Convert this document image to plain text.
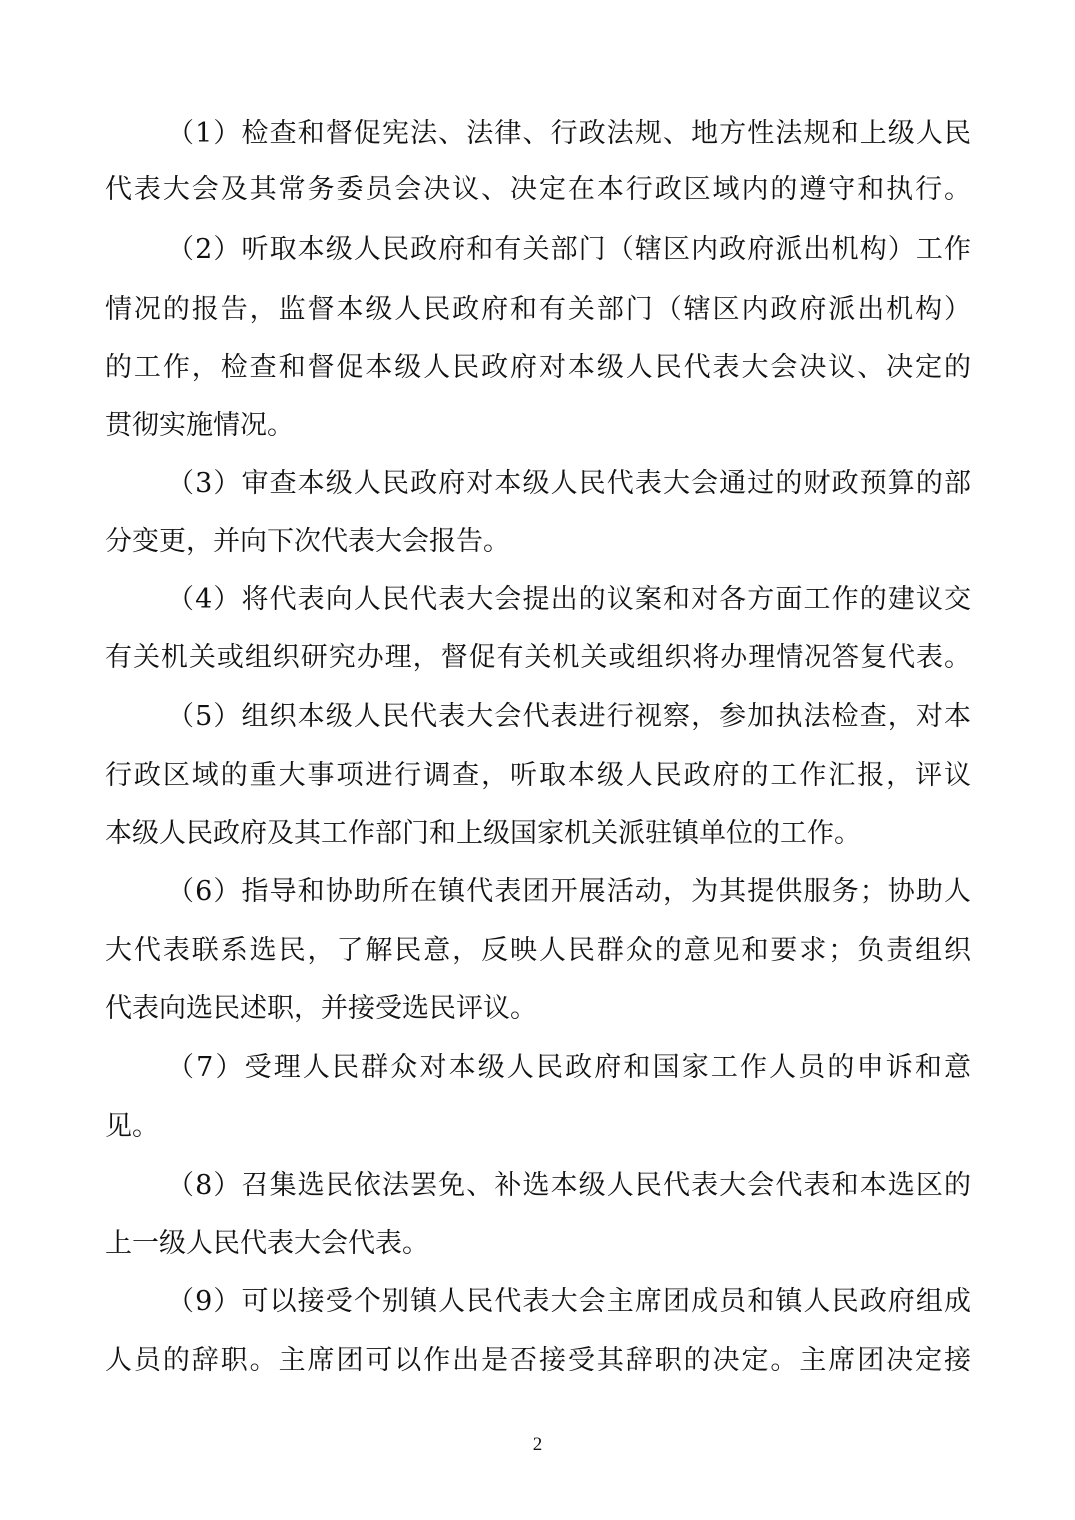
（1）检查和督促宪法、法律、行政法规、地方性法规和上级人民
代表大会及其常务委员会决议、决定在本行政区域内的遵守和执行。
（2）听取本级人民政府和有关部门（辖区内政府派出机构）工作
情况的报告，监督本级人民政府和有关部门（辖区内政府派出机构）
的工作，检查和督促本级人民政府对本级人民代表大会决议、决定的
贯彻实施情况。
（3）审查本级人民政府对本级人民代表大会通过的财政预算的部
分变更，并向下次代表大会报告。
（4）将代表向人民代表大会提出的议案和对各方面工作的建议交
有关机关或组织研究办理，督促有关机关或组织将办理情况答复代表。
（5）组织本级人民代表大会代表进行视察，参加执法检查，对本
行政区域的重大事项进行调查，听取本级人民政府的工作汇报，评议
本级人民政府及其工作部门和上级国家机关派驻镇单位的工作。
（6）指导和协助所在镇代表团开展活动，为其提供服务；协助人
大代表联系选民，了解民意，反映人民群众的意见和要求；负责组织
代表向选民述职，并接受选民评议。
（7）受理人民群众对本级人民政府和国家工作人员的申诉和意
见。
（8）召集选民依法罢免、补选本级人民代表大会代表和本选区的
上一级人民代表大会代表。
（9）可以接受个别镇人民代表大会主席团成员和镇人民政府组成
人员的辞职。主席团可以作出是否接受其辞职的决定。主席团决定接
2
